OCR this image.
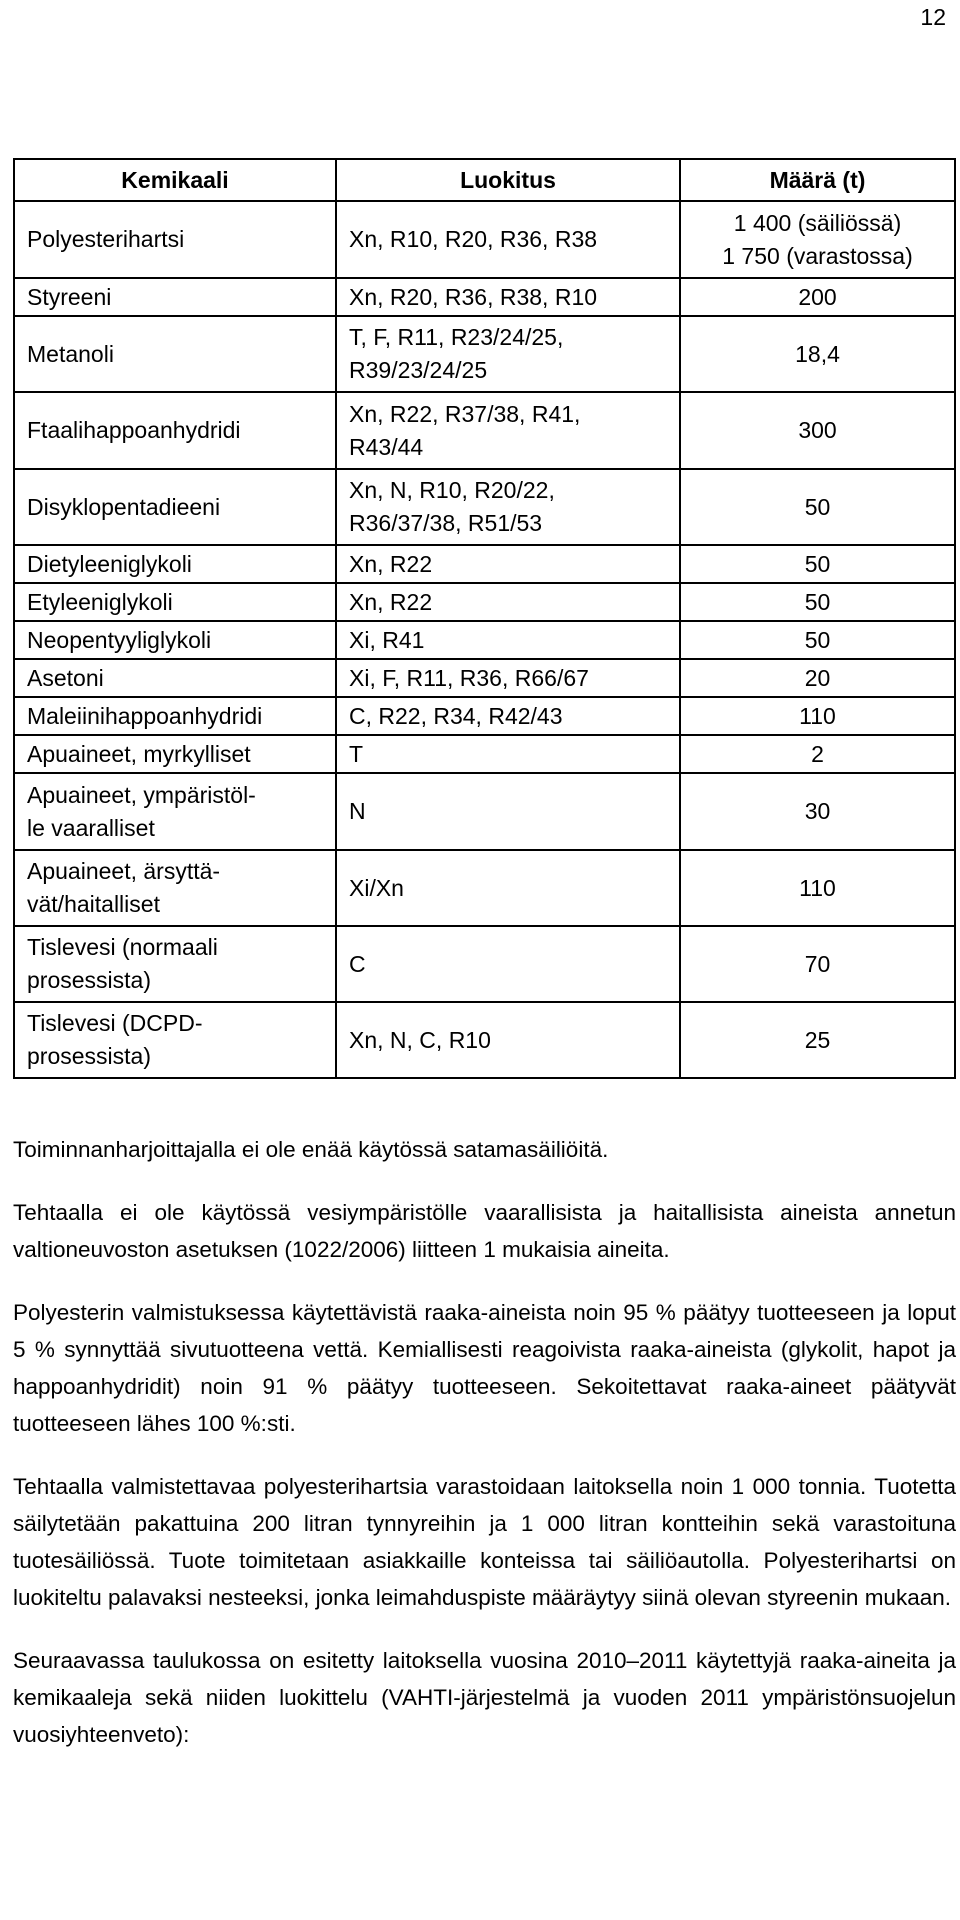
12
Kemikaali	Luokitus	Määrä (t)

Polyesterihartsi	Xn, R10, R20, R36, R38	1 400 (säiliössä)
1 750 (varastossa)

Styreeni	Xn, R20, R36, R38, R10	200

Metanoli	T, F, R11, R23/24/25,
R39/23/24/25	18,4

Ftaalihappoanhydridi	Xn, R22, R37/38, R41,
R43/44	300

Disyklopentadieeni	Xn, N, R10, R20/22,
R36/37/38, R51/53	50

Dietyleeniglykoli	Xn, R22	50

Etyleeniglykoli	Xn, R22	50

Neopentyyliglykoli	Xi, R41	50

Asetoni	Xi, F, R11, R36, R66/67	20

Maleiinihappoanhydridi	C, R22, R34, R42/43	110

Apuaineet, myrkylliset	T	2

Apuaineet, ympäristöl-
le vaaralliset	N	30

Apuaineet, ärsyttä-
vät/haitalliset	Xi/Xn	110

Tislevesi (normaali
prosessista)	C	70

Tislevesi (DCPD-
prosessista)	Xn, N, C, R10	25

Toiminnanharjoittajalla ei ole enää käytössä satamasäiliöitä.

Tehtaalla ei ole käytössä vesiympäristölle vaarallisista ja haitallisista aineista annetun valtioneuvoston asetuksen (1022/2006) liitteen 1 mukaisia aineita.

Polyesterin valmistuksessa käytettävistä raaka-aineista noin 95 % päätyy tuotteeseen ja loput 5 % synnyttää sivutuotteena vettä. Kemiallisesti reagoivista raaka-aineista (glykolit, hapot ja happoanhydridit) noin 91 % päätyy tuotteeseen. Sekoitettavat raaka-aineet päätyvät tuotteeseen lähes 100 %:sti.

Tehtaalla valmistettavaa polyesterihartsia varastoidaan laitoksella noin 1 000 tonnia. Tuotetta säilytetään pakattuina 200 litran tynnyreihin ja 1 000 litran kontteihin sekä varastoituna tuotesäiliössä. Tuote toimitetaan asiakkaille konteissa tai säiliöautolla. Polyesterihartsi on luokiteltu palavaksi nesteeksi, jonka leimahduspiste määräytyy siinä olevan styreenin mukaan.

Seuraavassa taulukossa on esitetty laitoksella vuosina 2010–2011 käytettyjä raaka-aineita ja kemikaaleja sekä niiden luokittelu (VAHTI-järjestelmä ja vuoden 2011 ympäristönsuojelun vuosiyhteenveto):
